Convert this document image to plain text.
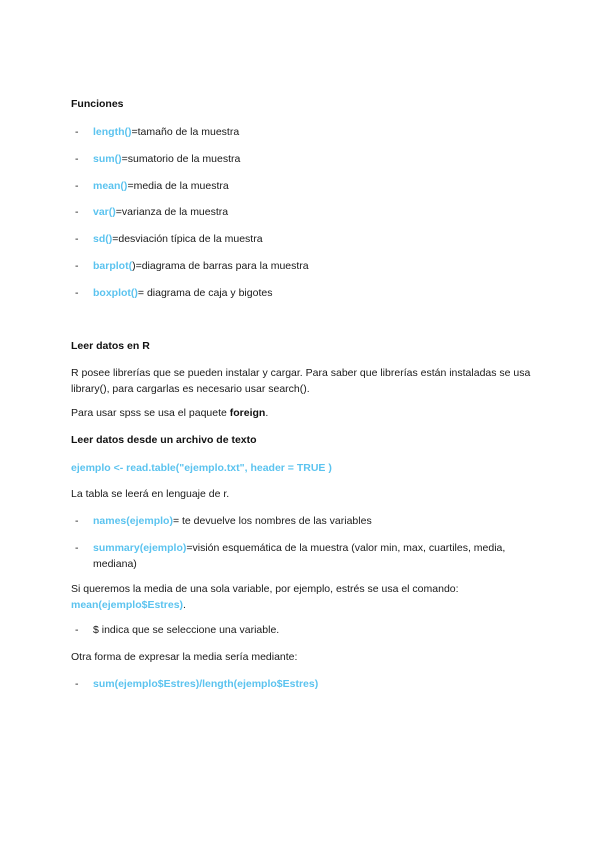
Funciones
- length()=tamaño de la muestra
- sum()=sumatorio de la muestra
- mean()=media de la muestra
- var()=varianza de la muestra
- sd()=desviación típica de la muestra
- barplot()=diagrama de barras para la muestra
- boxplot()= diagrama de caja y bigotes
Leer datos en R
R posee librerías que se pueden instalar y cargar. Para saber que librerías están instaladas se usa library(), para cargarlas es necesario usar search().
Para usar spss se usa el paquete foreign.
Leer datos desde un archivo de texto
ejemplo <- read.table("ejemplo.txt", header = TRUE )
La tabla se leerá en lenguaje de r.
- names(ejemplo)= te devuelve los nombres de las variables
- summary(ejemplo)=visión esquemática de la muestra (valor min, max, cuartiles, media, mediana)
Si queremos la media de una sola variable, por ejemplo, estrés se usa el comando:
mean(ejemplo$Estres).
- $ indica que se seleccione una variable.
Otra forma de expresar la media sería mediante:
- sum(ejemplo$Estres)/length(ejemplo$Estres)
